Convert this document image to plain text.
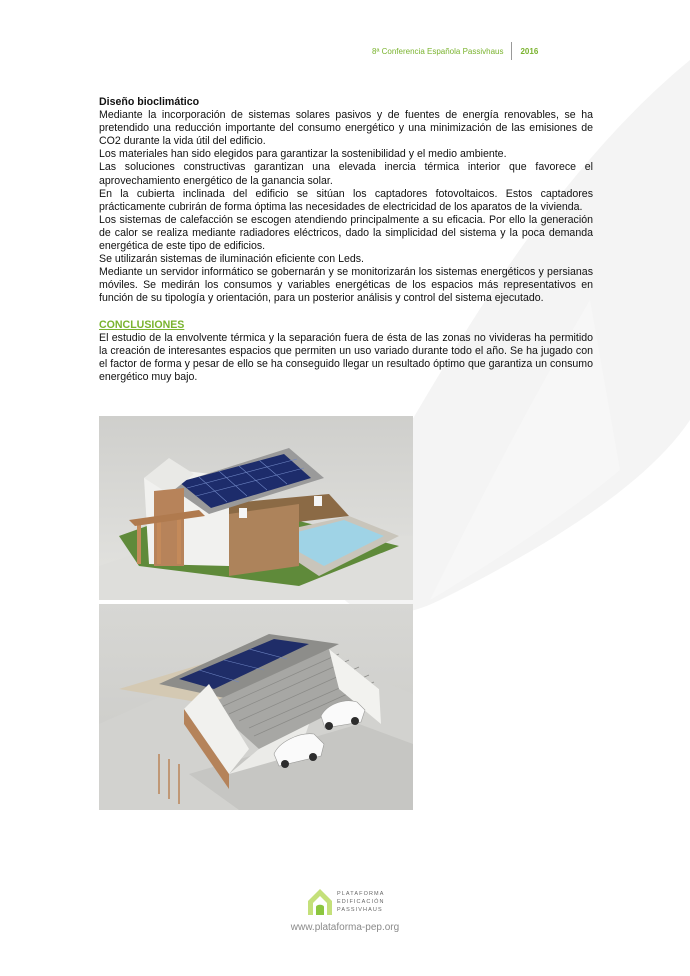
8ª Conferencia Española Passivhaus 2016

Diseño bioclimático

Mediante la incorporación de sistemas solares pasivos y de fuentes de energía renovables, se ha pretendido una reducción importante del consumo energético y una minimización de las emisiones de CO2 durante la vida útil del edificio.

Los materiales han sido elegidos para garantizar la sostenibilidad y el medio ambiente.

Las soluciones constructivas garantizan una elevada inercia térmica interior que favorece el aprovechamiento energético de la ganancia solar.

En la cubierta inclinada del edificio se sitúan los captadores fotovoltaicos. Estos captadores prácticamente cubrirán de forma óptima las necesidades de electricidad de los aparatos de la vivienda.

Los sistemas de calefacción se escogen atendiendo principalmente a su eficacia. Por ello la generación de calor se realiza mediante radiadores eléctricos, dado la simplicidad del sistema y la poca demanda energética de este tipo de edificios.

Se utilizarán sistemas de iluminación eficiente con Leds.

Mediante un servidor informático se gobernarán y se monitorizarán los sistemas energéticos y persianas móviles. Se medirán los consumos y variables energéticas de los espacios más representativos en función de su tipología y orientación, para un posterior análisis y control del sistema ejecutado.

CONCLUSIONES

El estudio de la envolvente térmica y la separación fuera de ésta de las zonas no vivideras ha permitido la creación de interesantes espacios que permiten un uso variado durante todo el año. Se ha jugado con el factor de forma y pesar de ello se ha conseguido llegar un resultado óptimo que garantiza un consumo energético muy bajo.

PLATAFORMA
EDIFICACIÓN
PASSIVHAUS
www.plataforma-pep.org
